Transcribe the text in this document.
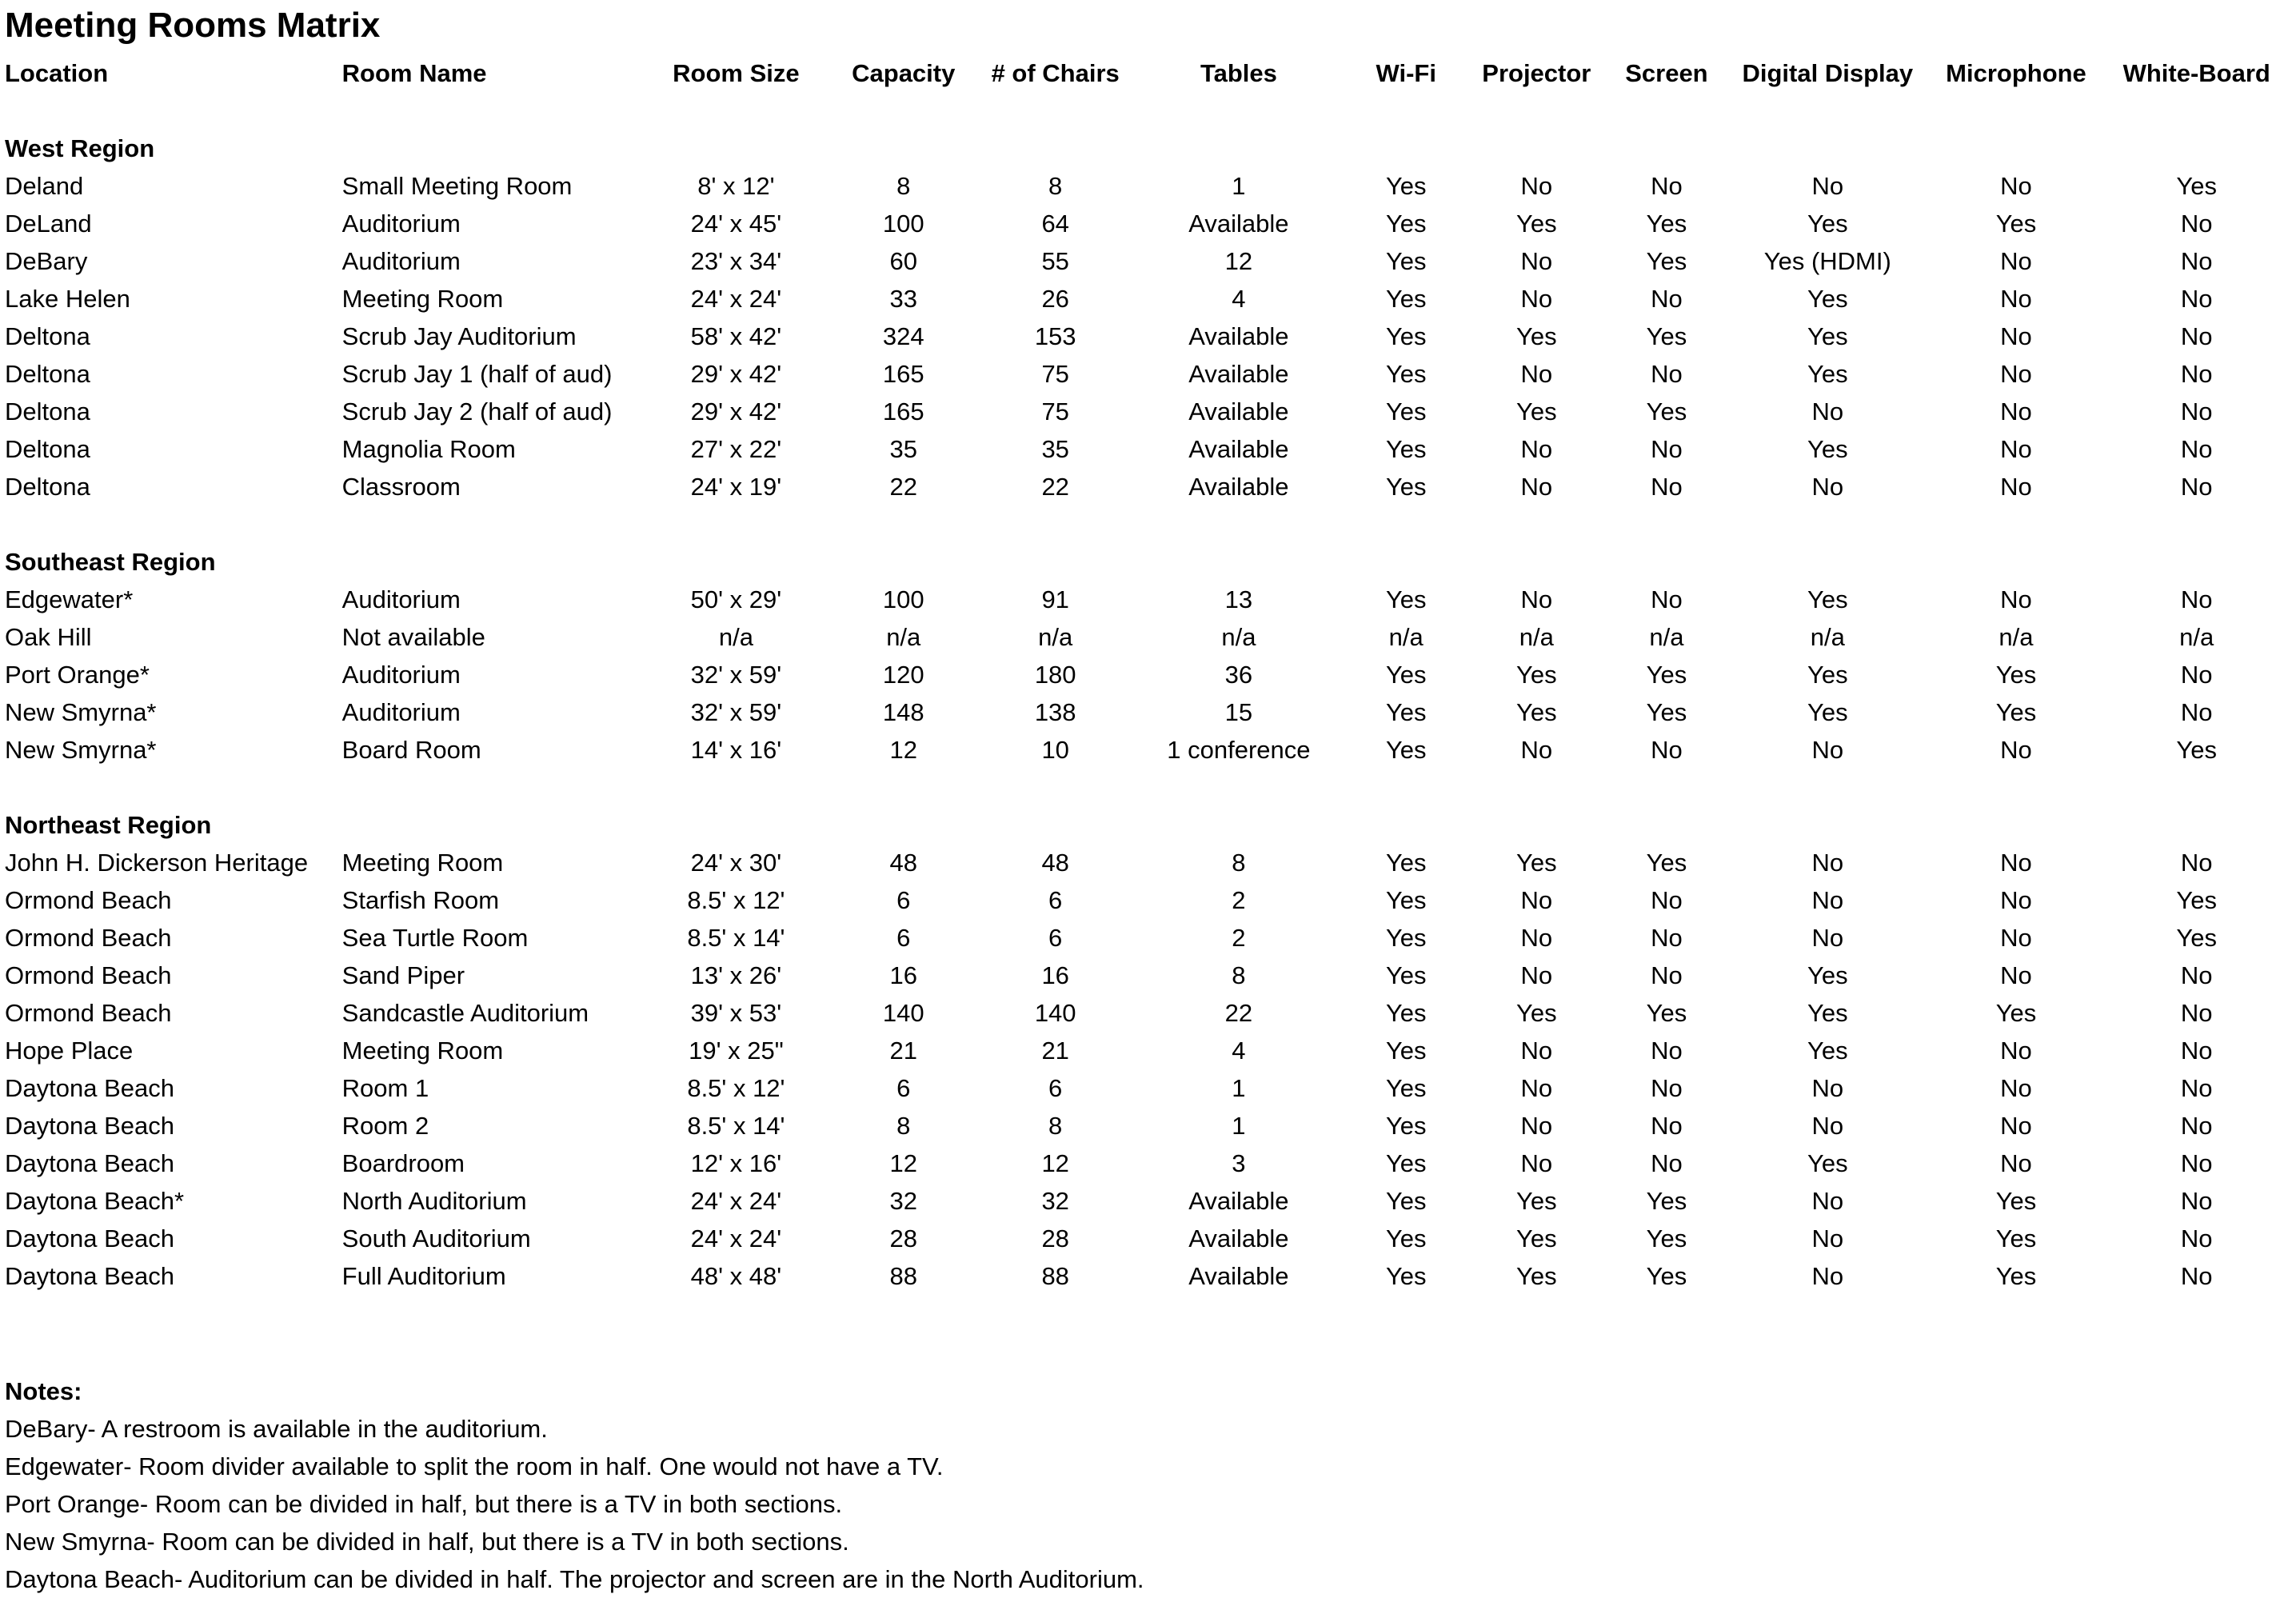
Meeting Rooms Matrix
Location	Room Name	Room Size	Capacity	# of Chairs	Tables	Wi-Fi	Projector	Screen	Digital Display	Microphone	White-Board
West Region
Deland	Small Meeting Room	8' x 12'	8	8	1	Yes	No	No	No	No	Yes
DeLand	Auditorium	24' x 45'	100	64	Available	Yes	Yes	Yes	Yes	Yes	No
DeBary	Auditorium	23' x 34'	60	55	12	Yes	No	Yes	Yes (HDMI)	No	No
Lake Helen	Meeting Room	24' x 24'	33	26	4	Yes	No	No	Yes	No	No
Deltona	Scrub Jay Auditorium	58' x 42'	324	153	Available	Yes	Yes	Yes	Yes	No	No
Deltona	Scrub Jay 1 (half of aud)	29' x 42'	165	75	Available	Yes	No	No	Yes	No	No
Deltona	Scrub Jay 2 (half of aud)	29' x 42'	165	75	Available	Yes	Yes	Yes	No	No	No
Deltona	Magnolia Room	27' x 22'	35	35	Available	Yes	No	No	Yes	No	No
Deltona	Classroom	24' x 19'	22	22	Available	Yes	No	No	No	No	No
Southeast Region
Edgewater*	Auditorium	50' x 29'	100	91	13	Yes	No	No	Yes	No	No
Oak Hill	Not available	n/a	n/a	n/a	n/a	n/a	n/a	n/a	n/a	n/a	n/a
Port Orange*	Auditorium	32' x 59'	120	180	36	Yes	Yes	Yes	Yes	Yes	No
New Smyrna*	Auditorium	32' x 59'	148	138	15	Yes	Yes	Yes	Yes	Yes	No
New Smyrna*	Board Room	14' x 16'	12	10	1 conference	Yes	No	No	No	No	Yes
Northeast Region
John H. Dickerson Heritage	Meeting Room	24' x 30'	48	48	8	Yes	Yes	Yes	No	No	No
Ormond Beach	Starfish Room	8.5' x 12'	6	6	2	Yes	No	No	No	No	Yes
Ormond Beach	Sea Turtle Room	8.5' x 14'	6	6	2	Yes	No	No	No	No	Yes
Ormond Beach	Sand Piper	13' x 26'	16	16	8	Yes	No	No	Yes	No	No
Ormond Beach	Sandcastle Auditorium	39' x 53'	140	140	22	Yes	Yes	Yes	Yes	Yes	No
Hope Place	Meeting Room	19' x 25"	21	21	4	Yes	No	No	Yes	No	No
Daytona Beach	Room 1	8.5' x 12'	6	6	1	Yes	No	No	No	No	No
Daytona Beach	Room 2	8.5' x 14'	8	8	1	Yes	No	No	No	No	No
Daytona Beach	Boardroom	12' x 16'	12	12	3	Yes	No	No	Yes	No	No
Daytona Beach*	North Auditorium	24' x 24'	32	32	Available	Yes	Yes	Yes	No	Yes	No
Daytona Beach	South Auditorium	24' x 24'	28	28	Available	Yes	Yes	Yes	No	Yes	No
Daytona Beach	Full Auditorium	48' x 48'	88	88	Available	Yes	Yes	Yes	No	Yes	No
Notes:
DeBary- A restroom is available in the auditorium.
Edgewater- Room divider available to split the room in half. One would not have a TV.
Port Orange- Room can be divided in half, but there is a TV in both sections.
New Smyrna- Room can be divided in half, but there is a TV in both sections.
Daytona Beach- Auditorium can be divided in half. The projector and screen are in the North Auditorium.
